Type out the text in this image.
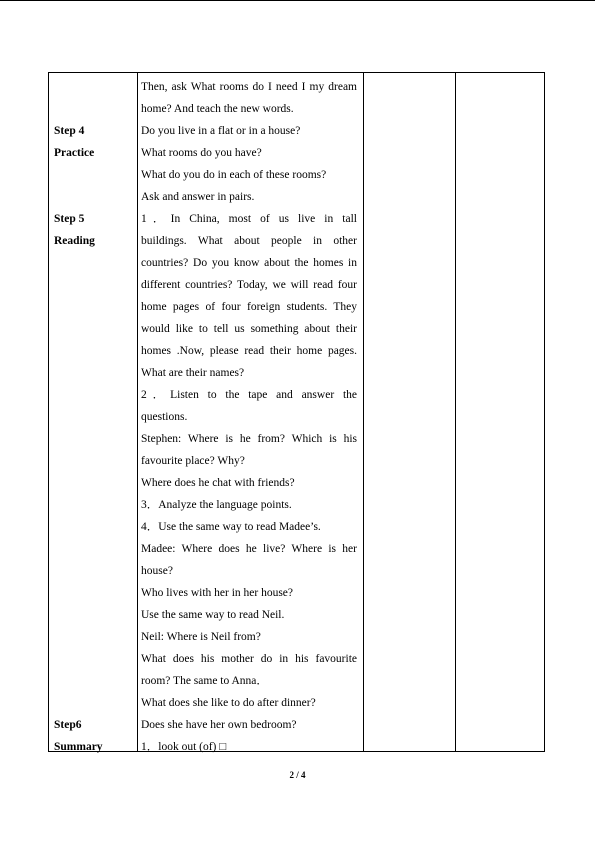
Step 4
Practice
Step 5
Reading
Step6
Summary
Then, ask What rooms do I need I my dream
home? And teach the new words.
Do you live in a flat or in a house?
What rooms do you have?
What do you do in each of these rooms?
Ask and answer in pairs.
1．In China, most of us live in tall
buildings. What about people in other
countries? Do you know about the homes in
different countries? Today, we will read four
home pages of four foreign students. They
would like to tell us something about their
homes .Now, please read their home pages.
What are their names?
2．Listen to the tape and answer the
questions.
Stephen: Where is he from? Which is his
favourite place? Why?
Where does he chat with friends?
3．Analyze the language points.
4．Use the same way to read Madee’s.
Madee: Where does he live? Where is her
house?
Who lives with her in her house?
Use the same way to read Neil.
Neil: Where is Neil from?
What does his mother do in his favourite
room? The same to Anna．
What does she like to do after dinner?
Does she have her own bedroom?
1．look out (of) □
2 / 4
